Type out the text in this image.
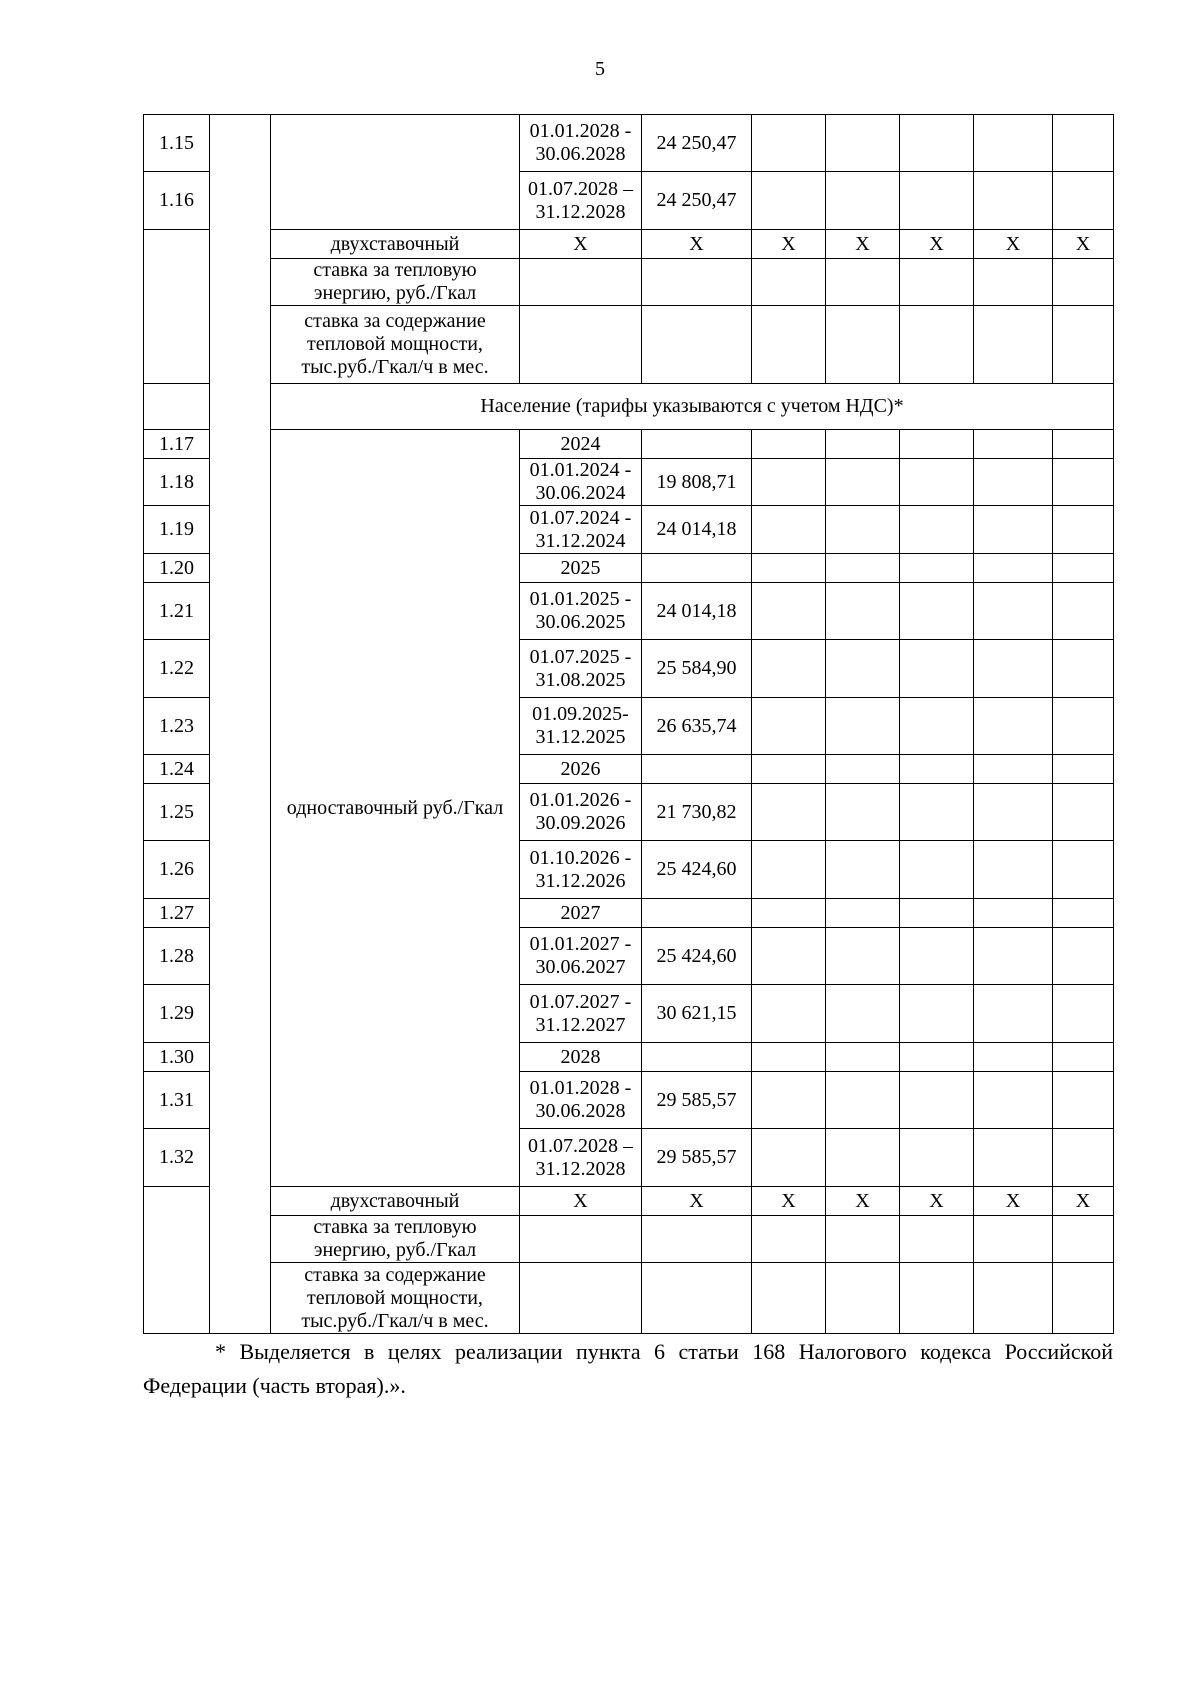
5
1.15			01.01.2028 -
30.06.2028	24 250,47					
1.16			01.07.2028 –
31.12.2028	24 250,47					
		двухставочный	Х	Х	Х	Х	Х	Х	Х
		ставка за тепловую
энергию, руб./Гкал							
		ставка за содержание
тепловой мощности,
тыс.руб./Гкал/ч в мес.							
		Население (тарифы указываются с учетом НДС)*							
1.17		одноставочный руб./Гкал	2024						
1.18			01.01.2024 -
30.06.2024	19 808,71					
1.19			01.07.2024 -
31.12.2024	24 014,18					
1.20			2025						
1.21			01.01.2025 -
30.06.2025	24 014,18					
1.22			01.07.2025 -
31.08.2025	25 584,90					
1.23			01.09.2025-
31.12.2025	26 635,74					
1.24			2026						
1.25			01.01.2026 -
30.09.2026	21 730,82					
1.26			01.10.2026 -
31.12.2026	25 424,60					
1.27			2027						
1.28			01.01.2027 -
30.06.2027	25 424,60					
1.29			01.07.2027 -
31.12.2027	30 621,15					
1.30			2028						
1.31			01.01.2028 -
30.06.2028	29 585,57					
1.32			01.07.2028 –
31.12.2028	29 585,57					
		двухставочный	Х	Х	Х	Х	Х	Х	Х
		ставка за тепловую
энергию, руб./Гкал							
		ставка за содержание
тепловой мощности,
тыс.руб./Гкал/ч в мес.							
* Выделяется в целях реализации пункта 6 статьи 168 Налогового кодекса Российской Федерации (часть вторая).».
